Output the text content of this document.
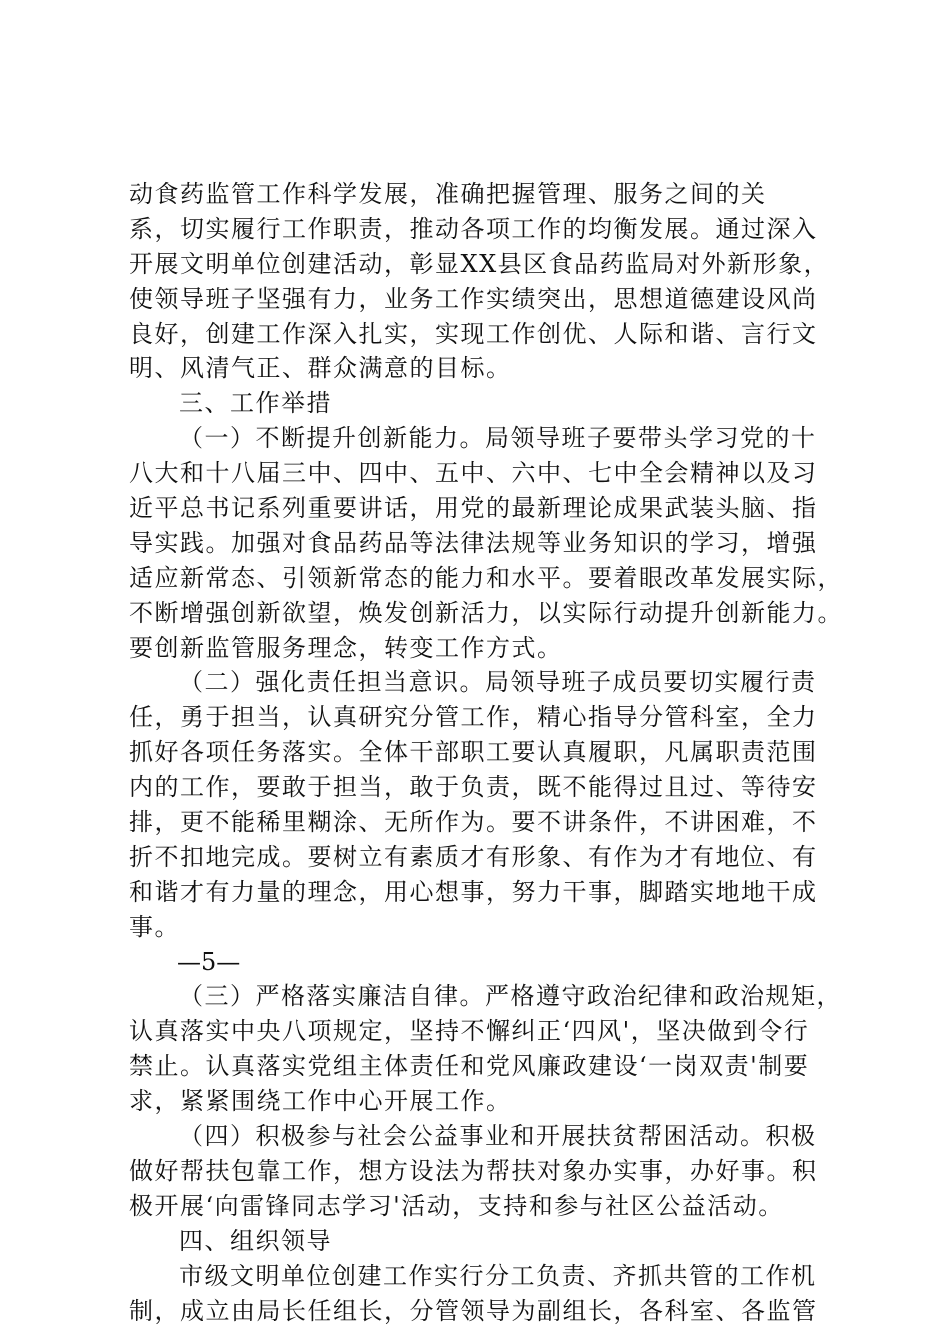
动食药监管工作科学发展，准确把握管理、服务之间的关
系，切实履行工作职责，推动各项工作的均衡发展。通过深入
开展文明单位创建活动，彰显XX县区食品药监局对外新形象，
使领导班子坚强有力，业务工作实绩突出，思想道德建设风尚
良好，创建工作深入扎实，实现工作创优、人际和谐、言行文
明、风清气正、群众满意的目标。
三、工作举措
（一）不断提升创新能力。局领导班子要带头学习党的十
八大和十八届三中、四中、五中、六中、七中全会精神以及习
近平总书记系列重要讲话，用党的最新理论成果武装头脑、指
导实践。加强对食品药品等法律法规等业务知识的学习，增强
适应新常态、引领新常态的能力和水平。要着眼改革发展实际，
不断增强创新欲望，焕发创新活力，以实际行动提升创新能力。
要创新监管服务理念，转变工作方式。
（二）强化责任担当意识。局领导班子成员要切实履行责
任，勇于担当，认真研究分管工作，精心指导分管科室，全力
抓好各项任务落实。全体干部职工要认真履职，凡属职责范围
内的工作，要敢于担当，敢于负责，既不能得过且过、等待安
排，更不能稀里糊涂、无所作为。要不讲条件，不讲困难，不
折不扣地完成。要树立有素质才有形象、有作为才有地位、有
和谐才有力量的理念，用心想事，努力干事，脚踏实地地干成
事。
—5—
（三）严格落实廉洁自律。严格遵守政治纪律和政治规矩，
认真落实中央八项规定，坚持不懈纠正‘四风'，坚决做到令行
禁止。认真落实党组主体责任和党风廉政建设‘一岗双责'制要
求，紧紧围绕工作中心开展工作。
（四）积极参与社会公益事业和开展扶贫帮困活动。积极
做好帮扶包靠工作，想方设法为帮扶对象办实事，办好事。积
极开展‘向雷锋同志学习'活动，支持和参与社区公益活动。
四、组织领导
市级文明单位创建工作实行分工负责、齐抓共管的工作机
制，成立由局长任组长，分管领导为副组长，各科室、各监管
